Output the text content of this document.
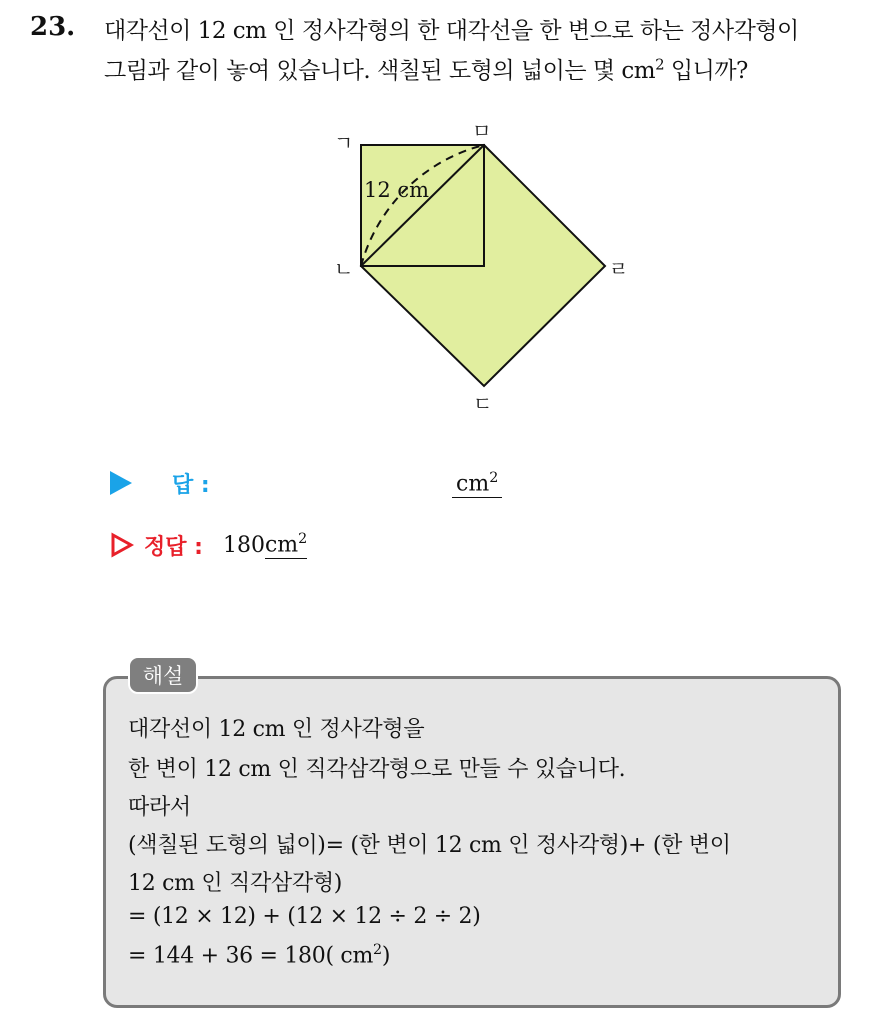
23. 대각선이 12 cm 인 정사각형의 한 대각선을 한 변으로 하는 정사각형이
그림과 같이 놓여 있습니다. 색칠된 도형의 넓이는 몇 $cm^2$ 입니까?
12 cm
ㄱ	ㅁ
ㄴ	ㄹ
ㄷ
답 :	$cm^2$
정답 : 180 $cm^2$
해설
대각선이 12 cm 인 정사각형을
한 변이 12 cm 인 직각삼각형으로 만들 수 있습니다.
따라서
(색칠된 도형의 넓이)= (한 변이 12 cm 인 정사각형)+ (한 변이
12 cm 인 직각삼각형)
= (12 × 12) + (12 × 12 ÷ 2 ÷ 2)
= 144 + 36 = 180( $cm^2$)
